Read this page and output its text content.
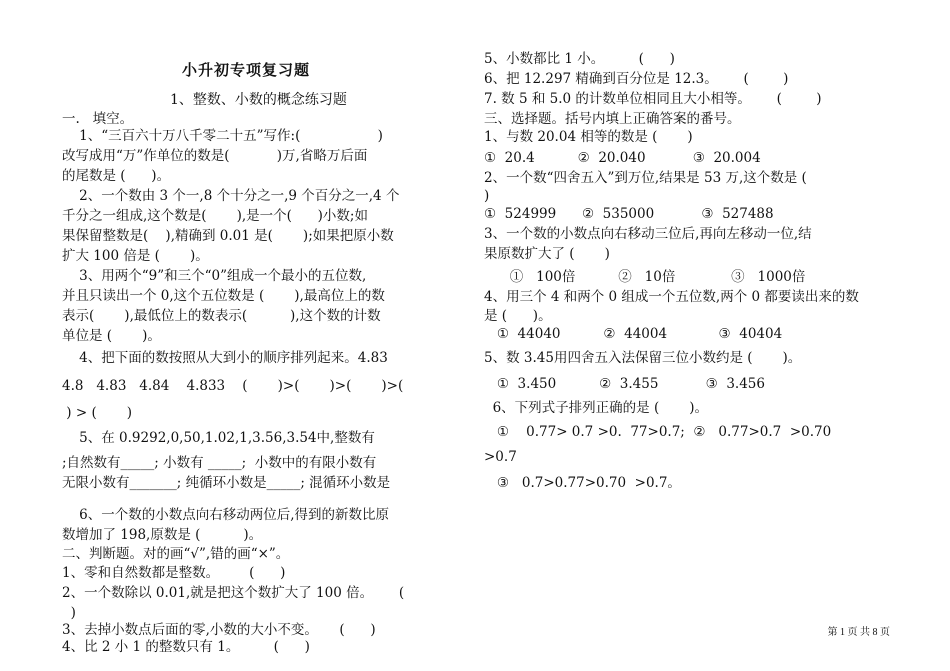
小升初专项复习题
1、整数、小数的概念练习题
一.   填空。
1、“三百六十万八千零二十五”写作:(                  )
改写成用“万”作单位的数是(           )万,省略万后面
的尾数是 (      )。
2、一个数由 3 个一,8 个十分之一,9 个百分之一,4 个
千分之一组成,这个数是(       ),是一个(      )小数;如
果保留整数是(    ),精确到 0.01 是(       );如果把原小数
扩大 100 倍是 (       )。
3、用两个“9”和三个“0”组成一个最小的五位数,
并且只读出一个 0,这个五位数是 (       ),最高位上的数
表示(       ),最低位上的数表示(          ),这个数的计数
单位是 (       )。
4、把下面的数按照从大到小的顺序排列起来。4.83
4.8   4.83   4.84    4.833    (       )>(       )>(       )>(
) > (       )
5、在 0.9292,0,50,1.02,1,3.56,3.54中,整数有
;自然数有_____; 小数有 _____;  小数中的有限小数有
无限小数有_______; 纯循环小数是_____; 混循环小数是
6、一个数的小数点向右移动两位后,得到的新数比原
数增加了 198,原数是 (          )。
二、判断题。对的画“√”,错的画“×”。
1、零和自然数都是整数。       (      )
2、一个数除以 0.01,就是把这个数扩大了 100 倍。      (
)
3、去掉小数点后面的零,小数的大小不变。     (      )
4、比 2 小 1 的整数只有 1。        (      )
5、小数都比 1 小。        (      )
6、把 12.297 精确到百分位是 12.3。      (        )
7. 数 5 和 5.0 的计数单位相同且大小相等。      (        )
三、选择题。括号内填上正确答案的番号。
1、与数 20.04 相等的数是 (       )
①  20.4          ②  20.040           ③  20.004
2、一个数“四舍五入”到万位,结果是 53 万,这个数是 (
)
①  524999      ②  535000           ③  527488
3、一个数的小数点向右移动三位后,再向左移动一位,结
果原数扩大了 (       )
①   100倍          ②   10倍             ③   1000倍
4、用三个 4 和两个 0 组成一个五位数,两个 0 都要读出来的数
是 (      )。
①  44040          ②  44004            ③  40404
5、数 3.45用四舍五入法保留三位小数约是 (       )。
①  3.450          ②  3.455           ③  3.456
6、下列式子排列正确的是 (       )。
①    0.77> 0.7 >0.  77>0.7;  ②   0.77>0.7  >0.70
>0.7
③   0.7>0.77>0.70  >0.7。
第 1 页 共 8 页
